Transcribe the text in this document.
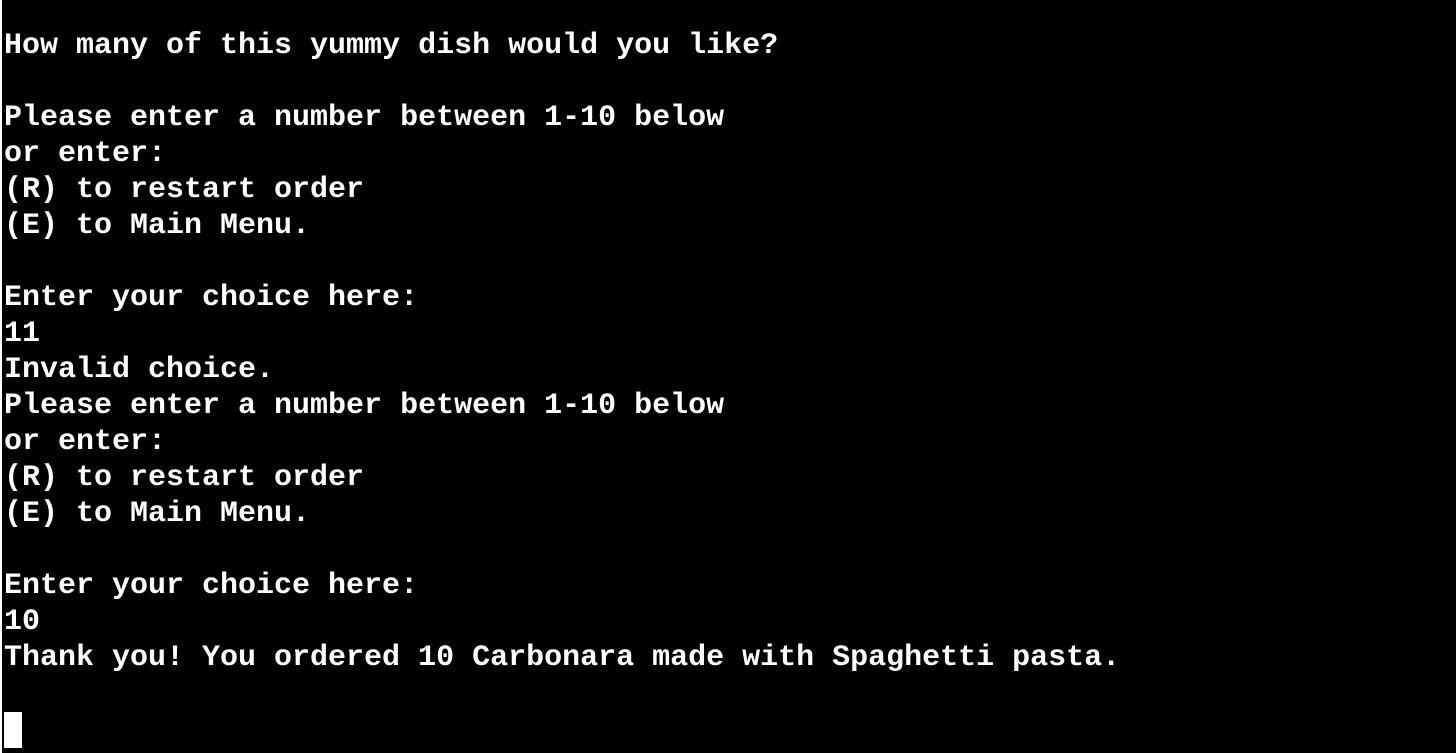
How many of this yummy dish would you like?
Please enter a number between 1-10 below
or enter:
(R) to restart order
(E) to Main Menu.
Enter your choice here:
11
Invalid choice.
Please enter a number between 1-10 below
or enter:
(R) to restart order
(E) to Main Menu.
Enter your choice here:
10
Thank you! You ordered 10 Carbonara made with Spaghetti pasta.
